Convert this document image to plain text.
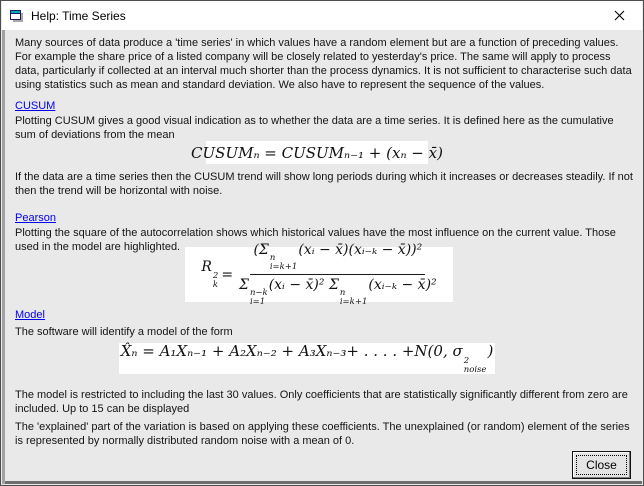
Help: Time Series

Many sources of data produce a 'time series' in which values have a random element but are a function of preceding values. For example the share price of a listed company will be closely related to yesterday's price. The same will apply to process data, particularly if collected at an interval much shorter than the process dynamics. It is not sufficient to characterise such data using statistics such as mean and standard deviation. We also have to represent the sequence of the values.

CUSUM

Plotting CUSUM gives a good visual indication as to whether the data are a time series. It is defined here as the cumulative sum of deviations from the mean

CUSUMₙ = CUSUMₙ₋₁ + (xₙ − x̄)

If the data are a time series then the CUSUM trend will show long periods during which it increases or decreases steadily. If not then the trend will be horizontal with noise.

Pearson

Plotting the square of the autocorrelation shows which historical values have the most influence on the current value. Those used in the model are highlighted.

R
2
k
= (Σ
n
i=k+1
(xᵢ − x̄)(xᵢ₋ₖ − x̄))²
Σ
n−k
i=1
(xᵢ − x̄)² Σ
n
i=k+1
(xᵢ₋ₖ − x̄)²
Model

The software will identify a model of the form

X̂ₙ = A₁Xₙ₋₁ + A₂Xₙ₋₂ + A₃Xₙ₋₃+ . . . . +N(0, σ
2
noise
)

The model is restricted to including the last 30 values. Only coefficients that are statistically significantly different from zero are included. Up to 15 can be displayed

The 'explained' part of the variation is based on applying these coefficients. The unexplained (or random) element of the series is represented by normally distributed random noise with a mean of 0.

Close
